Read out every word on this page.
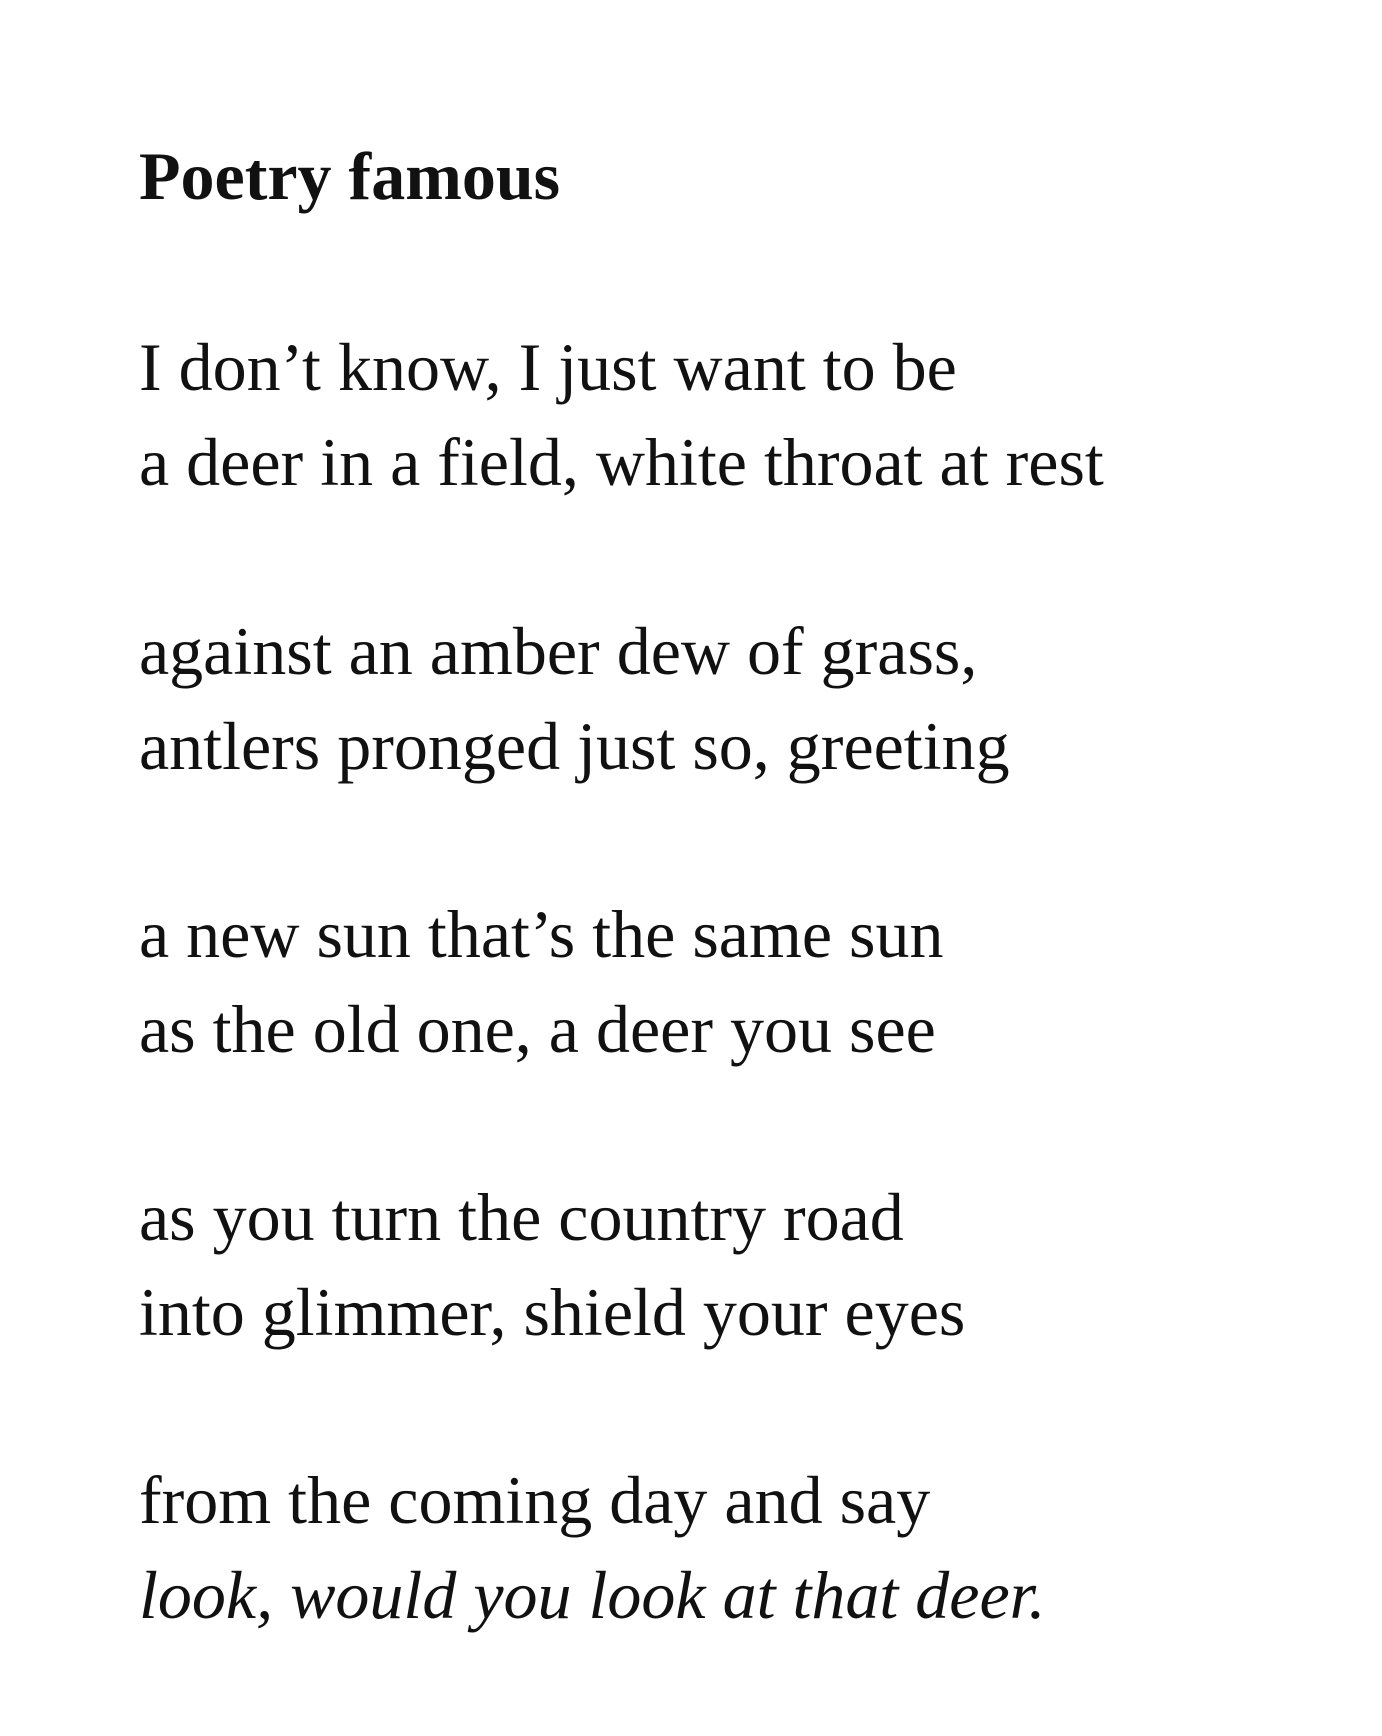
Poetry famous
I don’t know, I just want to be
a deer in a field, white throat at rest
against an amber dew of grass,
antlers pronged just so, greeting
a new sun that’s the same sun
as the old one, a deer you see
as you turn the country road
into glimmer, shield your eyes
from the coming day and say
look, would you look at that deer.
